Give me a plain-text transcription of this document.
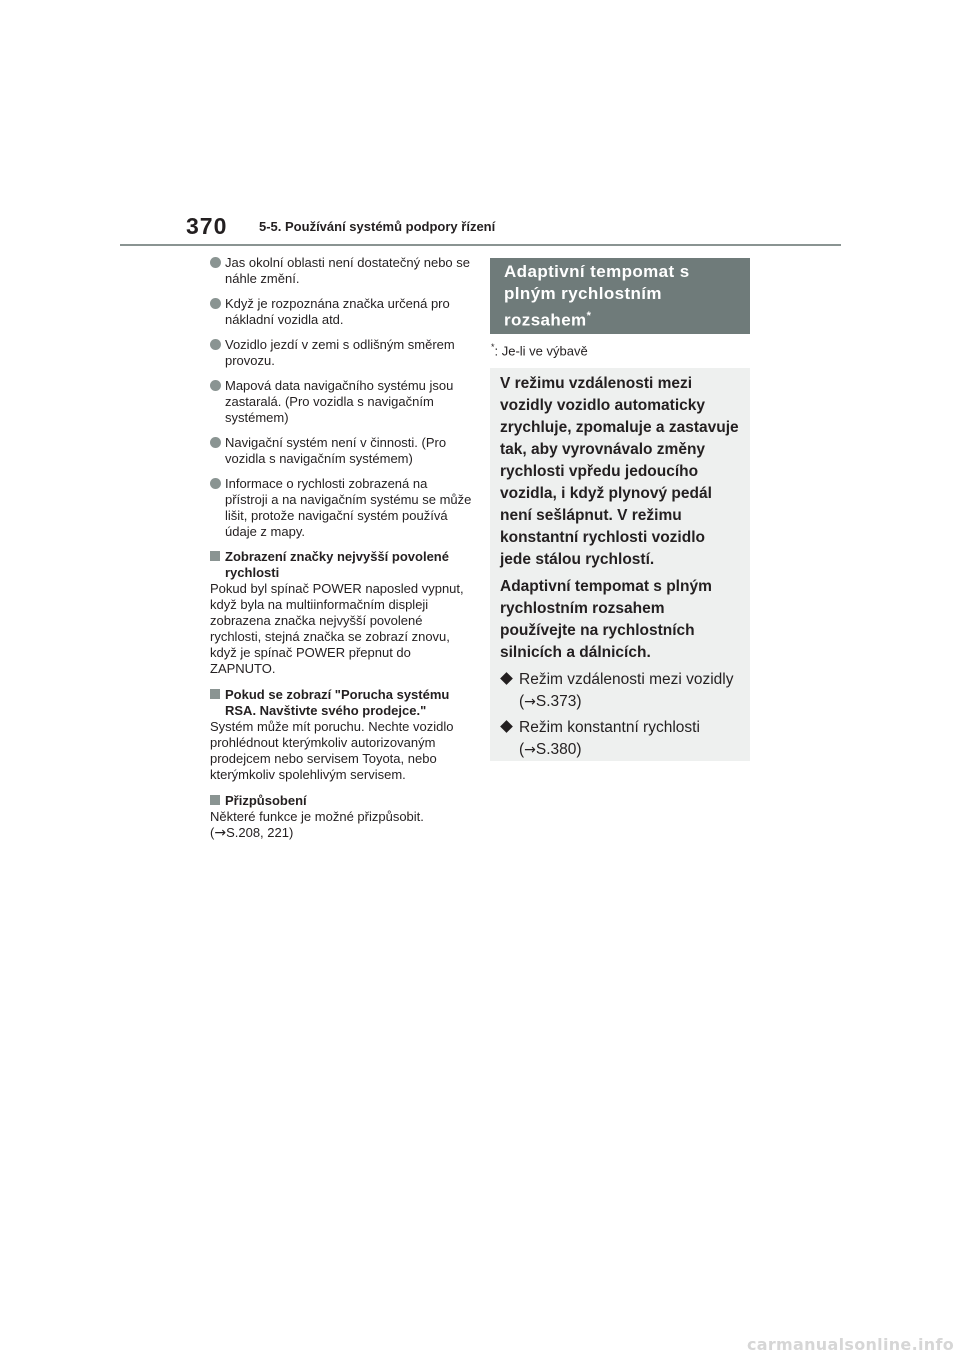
370 5-5. Používání systémů podpory řízení
Jas okolní oblasti není dostatečný nebo se náhle změní.
Když je rozpoznána značka určená pro nákladní vozidla atd.
Vozidlo jezdí v zemi s odlišným směrem provozu.
Mapová data navigačního systému jsou zastaralá. (Pro vozidla s navigačním systémem)
Navigační systém není v činnosti. (Pro vozidla s navigačním systémem)
Informace o rychlosti zobrazená na přístroji a na navigačním systému se může lišit, protože navigační systém používá údaje z mapy.
Zobrazení značky nejvyšší povolené rychlosti
Pokud byl spínač POWER naposled vypnut, když byla na multiinformačním displeji zobrazena značka nejvyšší povolené rychlosti, stejná značka se zobrazí znovu, když je spínač POWER přepnut do ZAPNUTO.
Pokud se zobrazí "Porucha systému RSA. Navštivte svého prodejce."
Systém může mít poruchu. Nechte vozidlo prohlédnout kterýmkoliv autorizovaným prodejcem nebo servisem Toyota, nebo kterýmkoliv spolehlivým servisem.
Přizpůsobení
Některé funkce je možné přizpůsobit.
(→S.208, 221)
Adaptivní tempomat s plným rychlostním rozsahem*
*: Je-li ve výbavě
V režimu vzdálenosti mezi vozidly vozidlo automaticky zrychluje, zpomaluje a zastavuje tak, aby vyrovnávalo změny rychlosti vpředu jedoucího vozidla, i když plynový pedál není sešlápnut. V režimu konstantní rychlosti vozidlo jede stálou rychlostí.
Adaptivní tempomat s plným rychlostním rozsahem používejte na rychlostních silnicích a dálnicích.
Režim vzdálenosti mezi vozidly (→S.373)
Režim konstantní rychlosti (→S.380)
carmanualsonline.info
